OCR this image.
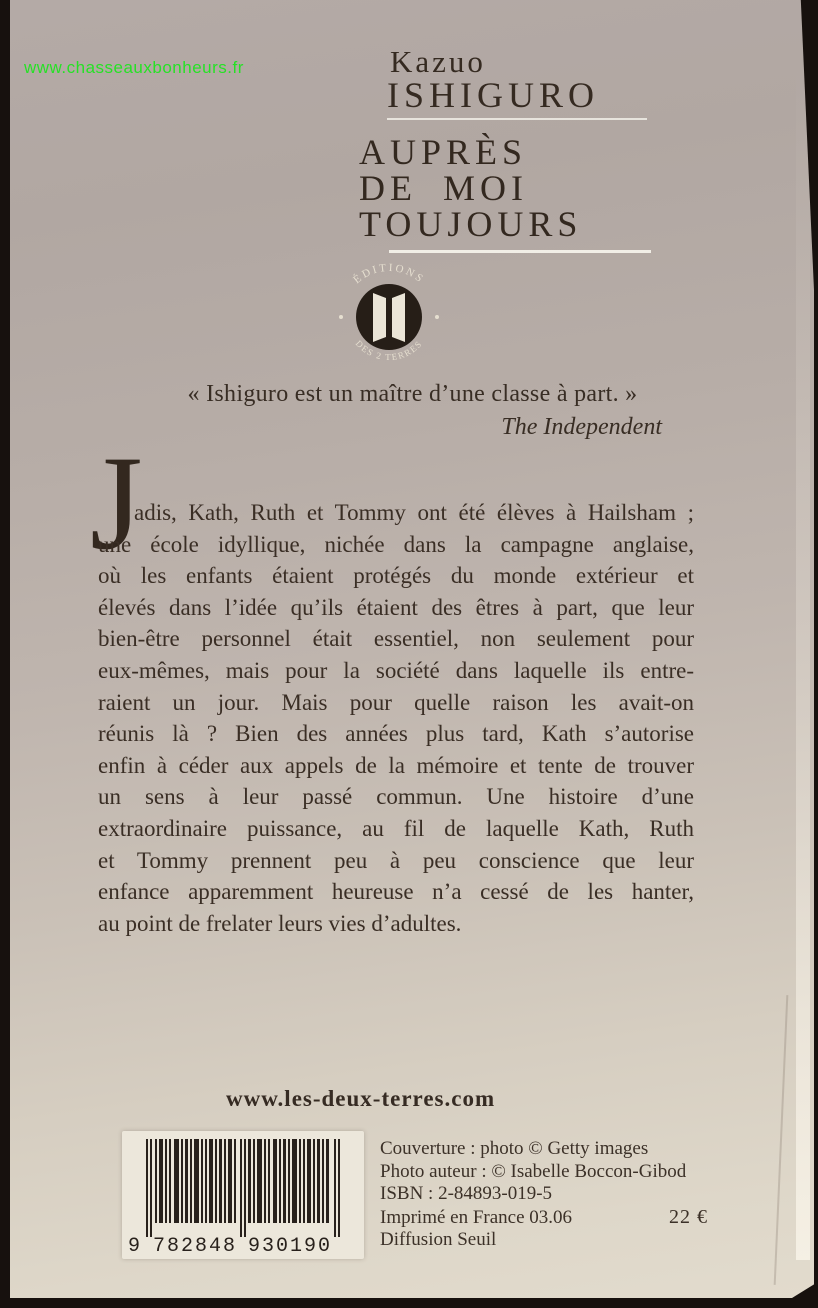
www.chasseauxbonheurs.fr	Kazuo
ISHIGURO
AUPRÈS
DE MOI
TOUJOURS
ÉDITIONS
DES 2 TERRES
« Ishiguro est un maître d’une classe à part. »
The Independent
J
adis, Kath, Ruth et Tommy ont été élèves à Hailsham ;
une école idyllique, nichée dans la campagne anglaise,
où les enfants étaient protégés du monde extérieur et
élevés dans l’idée qu’ils étaient des êtres à part, que leur
bien-être personnel était essentiel, non seulement pour
eux-mêmes, mais pour la société dans laquelle ils entre-
raient un jour. Mais pour quelle raison les avait-on
réunis là ? Bien des années plus tard, Kath s’autorise
enfin à céder aux appels de la mémoire et tente de trouver
un sens à leur passé commun. Une histoire d’une
extraordinaire puissance, au fil de laquelle Kath, Ruth
et Tommy prennent peu à peu conscience que leur
enfance apparemment heureuse n’a cessé de les hanter,
au point de frelater leurs vies d’adultes.
www.les-deux-terres.com
9 782848 930190
Couverture : photo © Getty images
Photo auteur : © Isabelle Boccon-Gibod
ISBN : 2-84893-019-5
Imprimé en France 03.06	22 €
Diffusion Seuil
